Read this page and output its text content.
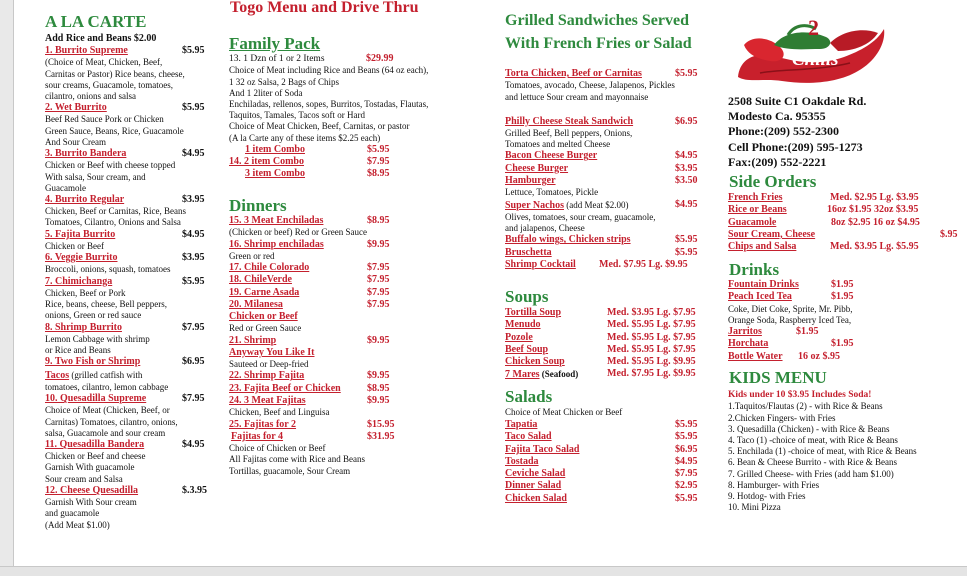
A LA CARTE
Add Rice and Beans $2.00
1. Burrito Supreme	$5.95
(Choice of Meat, Chicken, Beef,
Carnitas or Pastor) Rice beans, cheese,
sour creams, Guacamole, tomatoes,
cilantro, onions and salsa
2. Wet Burrito	$5.95
Beef Red Sauce Pork or Chicken
Green Sauce, Beans, Rice, Guacamole
And Sour Cream
3. Burrito Bandera	$4.95
Chicken or Beef with cheese topped
With salsa, Sour cream, and
Guacamole
4. Burrito Regular	$3.95
Chicken, Beef or Carnitas, Rice, Beans
Tomatoes, Cilantro, Onions and Salsa
5. Fajita Burrito	$4.95
Chicken or Beef
6. Veggie Burrito	$3.95
Broccoli, onions, squash, tomatoes
7. Chimichanga	$5.95
Chicken, Beef or Pork
Rice, beans, cheese, Bell peppers,
onions, Green or red sauce
8. Shrimp Burrito	$7.95
Lemon Cabbage with shrimp
or Rice and Beans
9. Two Fish or Shrimp	$6.95
Tacos (grilled catfish with
tomatoes, cilantro, lemon cabbage
10. Quesadilla Supreme	$7.95
Choice of Meat (Chicken, Beef, or
Carnitas) Tomatoes, cilantro, onions,
salsa, Guacamole and sour cream
11. Quesadilla Bandera	$4.95
Chicken or Beef and cheese
Garnish With guacamole
Sour cream and Salsa
12. Cheese Quesadilla	$.3.95
Garnish With Sour cream
and guacamole
(Add Meat $1.00)
Togo Menu and Drive Thru
Family Pack
13. 1 Dzn of 1 or 2 Items	$29.99
Choice of Meat including Rice and Beans (64 oz each),
1 32 oz Salsa, 2 Bags of Chips
And 1 2liter of Soda
Enchiladas, rellenos, sopes, Burritos, Tostadas, Flautas,
Taquitos, Tamales, Tacos soft or Hard
Choice of Meat Chicken, Beef, Carnitas, or pastor
(A la Carte any of these items $2.25 each)
1 item Combo	$5.95
14. 2 item Combo	$7.95
3 item Combo	$8.95
Dinners
15. 3 Meat Enchiladas	$8.95
(Chicken or beef) Red or Green Sauce
16. Shrimp enchiladas	$9.95
Green or red
17. Chile Colorado	$7.95
18. ChileVerde	$7.95
19. Carne Asada	$7.95
20. Milanesa	$7.95
Chicken or Beef
Red or Green Sauce
21. Shrimp	$9.95
Anyway You Like It
Sauteed or Deep-fried
22. Shrimp Fajita	$9.95
23. Fajita Beef or Chicken	$8.95
24. 3 Meat Fajitas	$9.95
Chicken, Beef and Linguisa
25. Fajitas for 2	$15.95
Fajitas for 4	$31.95
Choice of Chicken or Beef
All Fajitas come with Rice and Beans
Tortillas, guacamole, Sour Cream
Grilled Sandwiches Served
With French Fries or Salad
Torta Chicken, Beef or Carnitas	$5.95
Tomatoes, avocado, Cheese, Jalapenos, Pickles
and lettuce Sour cream and mayonnaise
Philly Cheese Steak Sandwich	$6.95
Grilled Beef, Bell peppers, Onions,
Tomatoes and melted Cheese
Bacon Cheese Burger	$4.95
Cheese Burger	$3.95
Hamburger	$3.50
Lettuce, Tomatoes, Pickle
Super Nachos (add Meat $2.00)	$4.95
Olives, tomatoes, sour cream, guacamole,
and jalapenos, Cheese
Buffalo wings, Chicken strips	$5.95
Bruschetta	$5.95
Shrimp Cocktail Med. $7.95 Lg. $9.95
Soups
Tortilla Soup	Med. $3.95 Lg. $7.95
Menudo	Med. $5.95 Lg. $7.95
Pozole	Med. $5.95 Lg. $7.95
Beef Soup	Med. $5.95 Lg. $7.95
Chicken Soup	Med. $5.95 Lg. $9.95
7 Mares (Seafood)	Med. $7.95 Lg. $9.95
Salads
Choice of Meat Chicken or Beef
Tapatia	$5.95
Taco Salad	$5.95
Fajita Taco Salad	$6.95
Tostada	$4.95
Ceviche Salad	$7.95
Dinner Salad	$2.95
Chicken Salad	$5.95
2
Chilis
2508 Suite C1 Oakdale Rd.
Modesto Ca. 95355
Phone:(209) 552-2300
Cell Phone:(209) 595-1273
Fax:(209) 552-2221
Side Orders
French Fries	Med. $2.95 Lg. $3.95
Rice or Beans	16oz $1.95 32oz $3.95
Guacamole	8oz $2.95 16 oz $4.95
Sour Cream, Cheese	$.95
Chips and Salsa	Med. $3.95 Lg. $5.95
Drinks
Fountain Drinks	$1.95
Peach Iced Tea	$1.95
Coke, Diet Coke, Sprite, Mr. Pibb,
Orange Soda, Raspberry Iced Tea,
Jarritos	$1.95
Horchata	$1.95
Bottle Water 16 oz $.95
KIDS MENU
Kids under 10 $3.95 Includes Soda!
1.Taquitos/Flautas (2) - with Rice & Beans
2.Chicken Fingers- with Fries
3. Quesadilla (Chicken) - with Rice & Beans
4. Taco (1) -choice of meat, with Rice & Beans
5. Enchilada (1) -choice of meat, with Rice & Beans
6. Bean & Cheese Burrito - with Rice & Beans
7. Grilled Cheese- with Fries (add ham $1.00)
8. Hamburger- with Fries
9. Hotdog- with Fries
10. Mini Pizza
